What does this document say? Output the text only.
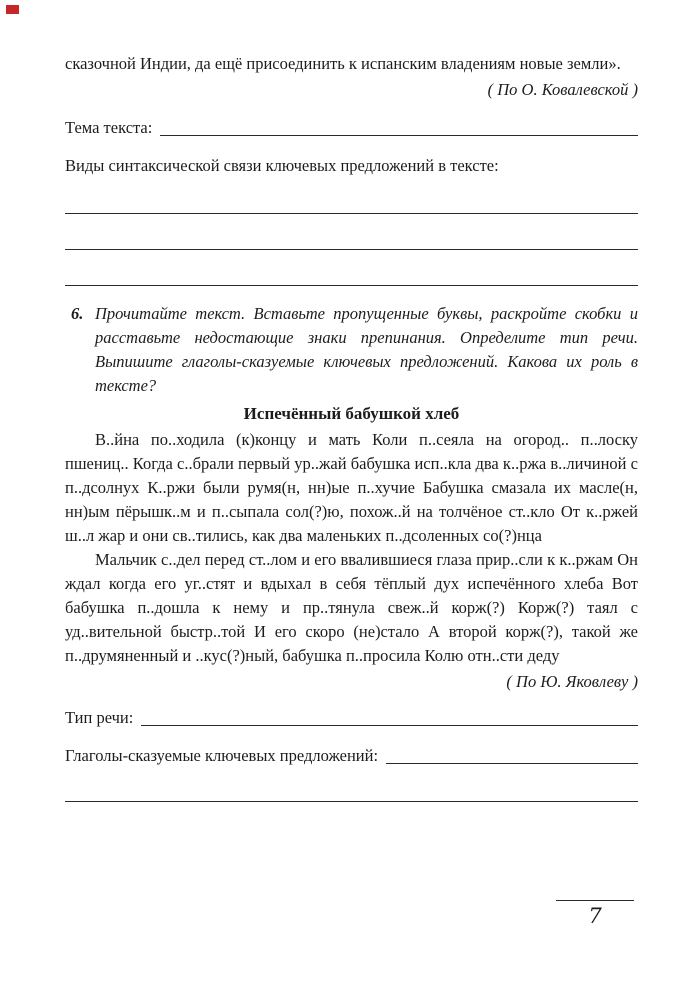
сказочной Индии, да ещё присоединить к испанским владениям новые земли».

( По О. Ковалевской )

Тема текста:

Виды синтаксической связи ключевых предложений в тексте:

6. Прочитайте текст. Вставьте пропущенные буквы, раскройте скобки и расставьте недостающие знаки препинания. Определите тип речи. Выпишите глаголы-сказуемые ключевых предложений. Какова их роль в тексте?

Испечённый бабушкой хлеб

В..йна по..ходила (к)концу и мать Коли п..сеяла на огород.. п..лоску пшениц.. Когда с..брали первый ур..жай бабушка исп..кла два к..ржа в..личиной с п..дсолнух К..ржи были румя(н, нн)ые п..хучие Бабушка смазала их масле(н, нн)ым пёрышк..м и п..сыпала сол(?)ю, похож..й на толчёное ст..кло От к..ржей ш..л жар и они св..тились, как два маленьких п..дсоленных со(?)нца

Мальчик с..дел перед ст..лом и его ввалившиеся глаза прир..сли к к..ржам Он ждал когда его уг..стят и вдыхал в себя тёплый дух испечённого хлеба Вот бабушка п..дошла к нему и пр..тянула свеж..й корж(?) Корж(?) таял с уд..вительной быстр..той И его скоро (не)стало А второй корж(?), такой же п..друмяненный и ..кус(?)ный, бабушка п..просила Колю отн..сти деду

( По Ю. Яковлеву )

Тип речи:
Глаголы-сказуемые ключевых предложений:
7
